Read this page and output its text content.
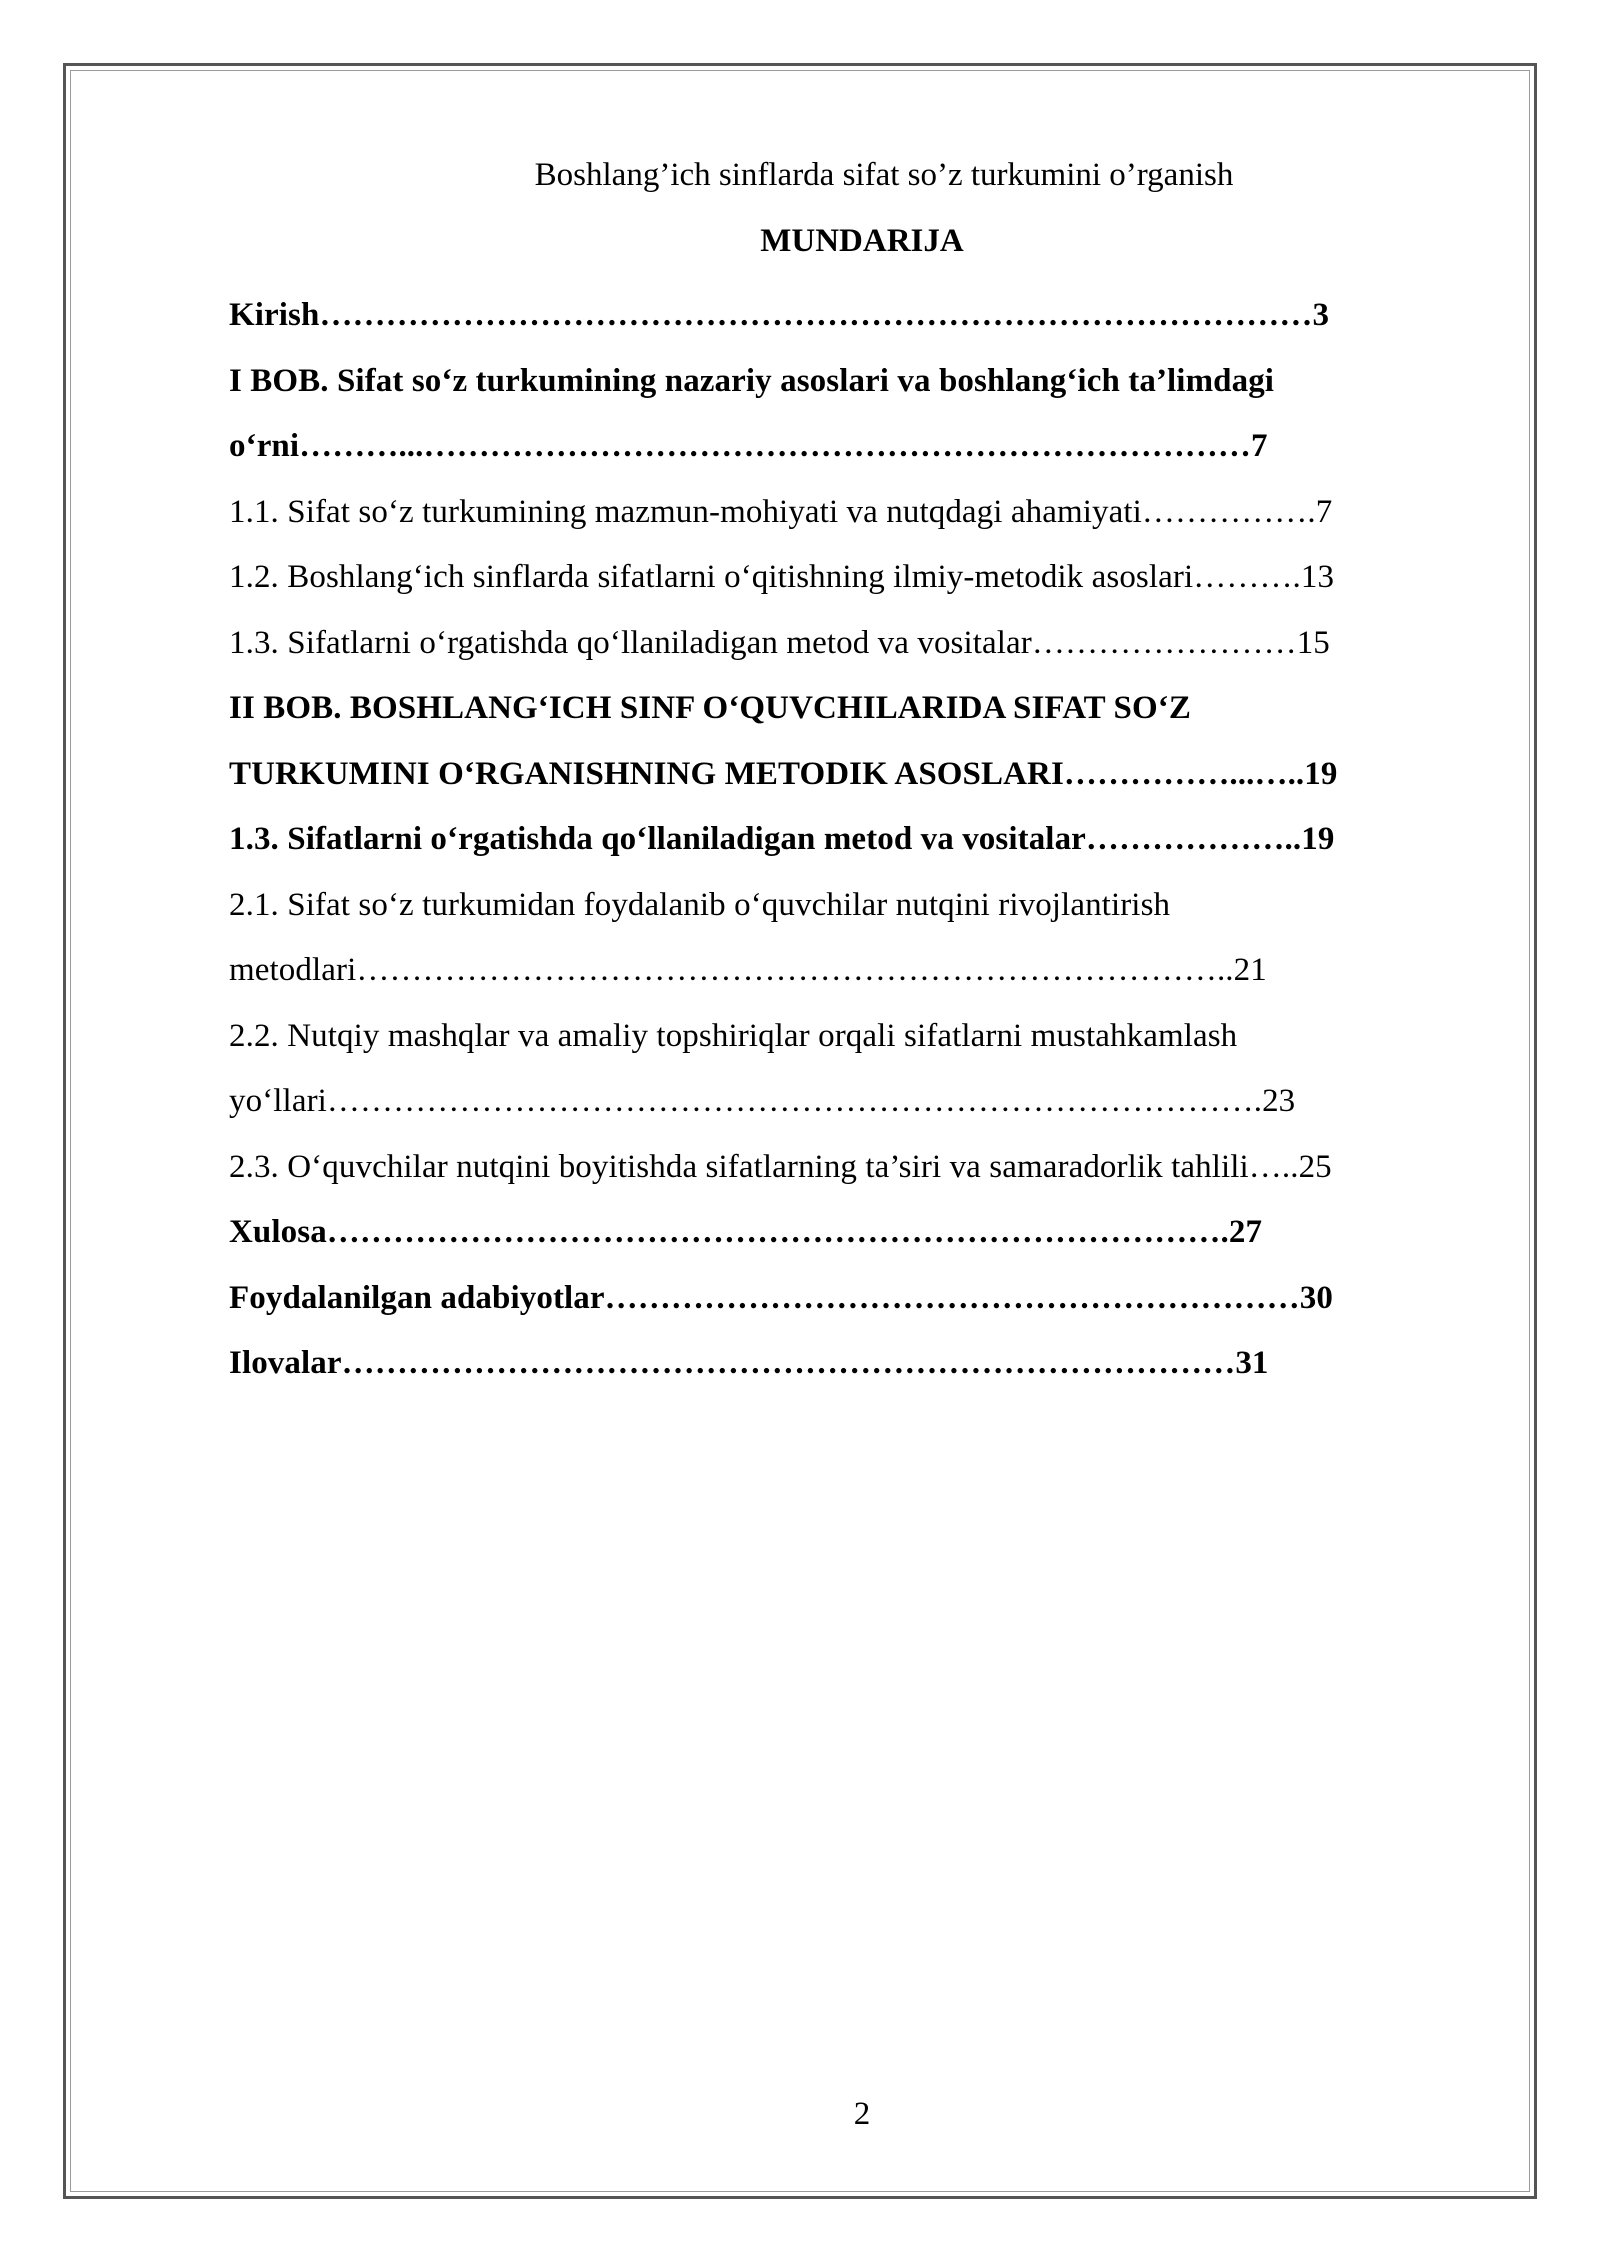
Boshlang’ich sinflarda sifat so’z turkumini o’rganish
MUNDARIJA
Kirish………………………………………………………………………………3
I BOB. Sifat so‘z turkumining nazariy asoslari va boshlang‘ich ta’limdagi
o‘rni………...…………………………………………………………………7
1.1. Sifat so‘z turkumining mazmun-mohiyati va nutqdagi ahamiyati…………….7
1.2. Boshlang‘ich sinflarda sifatlarni o‘qitishning ilmiy-metodik asoslari……….13
1.3. Sifatlarni o‘rgatishda qo‘llaniladigan metod va vositalar……………………15
II BOB. BOSHLANG‘ICH SINF O‘QUVCHILARIDA SIFAT SO‘Z
TURKUMINI O‘RGANISHNING METODIK ASOSLARI……………...…..19
1.3. Sifatlarni o‘rgatishda qo‘llaniladigan metod va vositalar………………..19
2.1. Sifat so‘z turkumidan foydalanib o‘quvchilar nutqini rivojlantirish
metodlari……………………………………………………………………..21
2.2. Nutqiy mashqlar va amaliy topshiriqlar orqali sifatlarni mustahkamlash
yo‘llari………………………………………………………………………….23
2.3. O‘quvchilar nutqini boyitishda sifatlarning ta’siri va samaradorlik tahlili…..25
Xulosa……………………………………………………………………….27
Foydalanilgan adabiyotlar………………………………………………………30
Ilovalar………………………………………………………………………31
2
